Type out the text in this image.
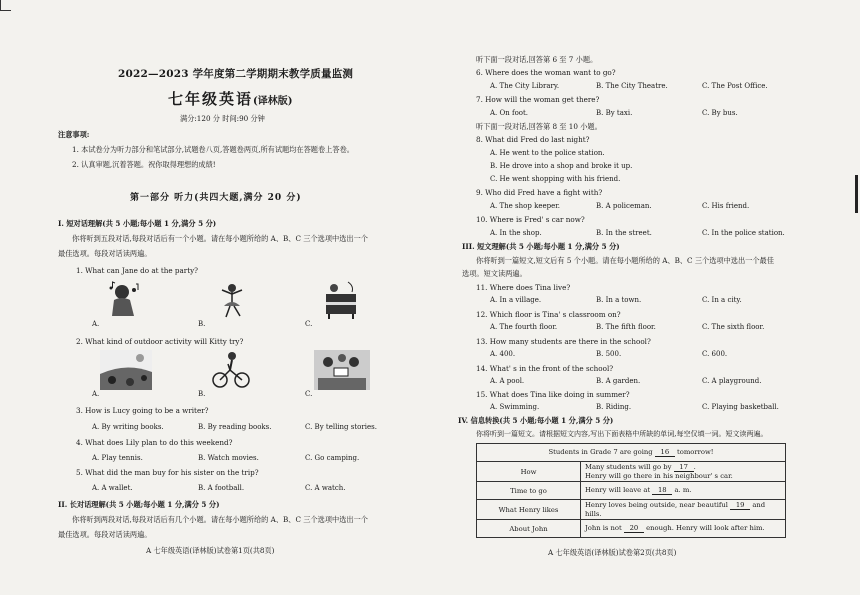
2022—2023 学年度第二学期期末教学质量监测
七年级英语(译林版)
满分:120 分 时间:90 分钟
注意事项:
1. 本试卷分为听力部分和笔试部分,试题卷八页,答题卷两页,所有试题均在答题卷上答卷。
2. 认真审题,沉着答题。祝你取得理想的成绩!
第一部分 听力(共四大题,满分 20 分)
I. 短对话理解(共 5 小题;每小题 1 分,满分 5 分)
你将听到五段对话,每段对话后有一个小题。请在每小题所给的 A、B、C 三个选项中选出一个
最佳选项。每段对话读两遍。
1. What can Jane do at the party?
A.	B.	C.
2. What kind of outdoor activity will Kitty try?
A.	B.	C.
3. How is Lucy going to be a writer?
A. By writing books.	B. By reading books.	C. By telling stories.
4. What does Lily plan to do this weekend?
A. Play tennis.	B. Watch movies.	C. Go camping.
5. What did the man buy for his sister on the trip?
A. A wallet.	B. A football.	C. A watch.
II. 长对话理解(共 5 小题;每小题 1 分,满分 5 分)
你将听到两段对话,每段对话后有几个小题。请在每小题所给的 A、B、C 三个选项中选出一个
最佳选项。每段对话读两遍。
A 七年级英语(译林版)试卷第1页(共8页)
听下面一段对话,回答第 6 至 7 小题。
6. Where does the woman want to go?
A. The City Library.	B. The City Theatre.	C. The Post Office.
7. How will the woman get there?
A. On foot.	B. By taxi.	C. By bus.
听下面一段对话,回答第 8 至 10 小题。
8. What did Fred do last night?
A. He went to the police station.
B. He drove into a shop and broke it up.
C. He went shopping with his friend.
9. Who did Fred have a fight with?
A. The shop keeper.	B. A policeman.	C. His friend.
10. Where is Fred' s car now?
A. In the shop.	B. In the street.	C. In the police station.
III. 短文理解(共 5 小题;每小题 1 分,满分 5 分)
你将听到一篇短文,短文后有 5 个小题。请在每小题所给的 A、B、C 三个选项中选出一个最佳
选项。短文读两遍。
11. Where does Tina live?
A. In a village.	B. In a town.	C. In a city.
12. Which floor is Tina' s classroom on?
A. The fourth floor.	B. The fifth floor.	C. The sixth floor.
13. How many students are there in the school?
A. 400.	B. 500.	C. 600.
14. What' s in the front of the school?
A. A pool.	B. A garden.	C. A playground.
15. What does Tina like doing in summer?
A. Swimming.	B. Riding.	C. Playing basketball.
IV. 信息转换(共 5 小题;每小题 1 分,满分 5 分)
你将听到一篇短文。请根据短文内容,写出下面表格中所缺的单词,每空仅填一词。短文读两遍。
Students in Grade 7 are going 16 tomorrow!	
How	Many students will go by 17 .
Henry will go there in his neighbour' s car.

Time to go	Henry will leave at 18 a. m.
What Henry likes	Henry loves being outside, near beautiful 19 and hills.
About John	John is not 20 enough. Henry will look after him.
A 七年级英语(译林版)试卷第2页(共8页)
